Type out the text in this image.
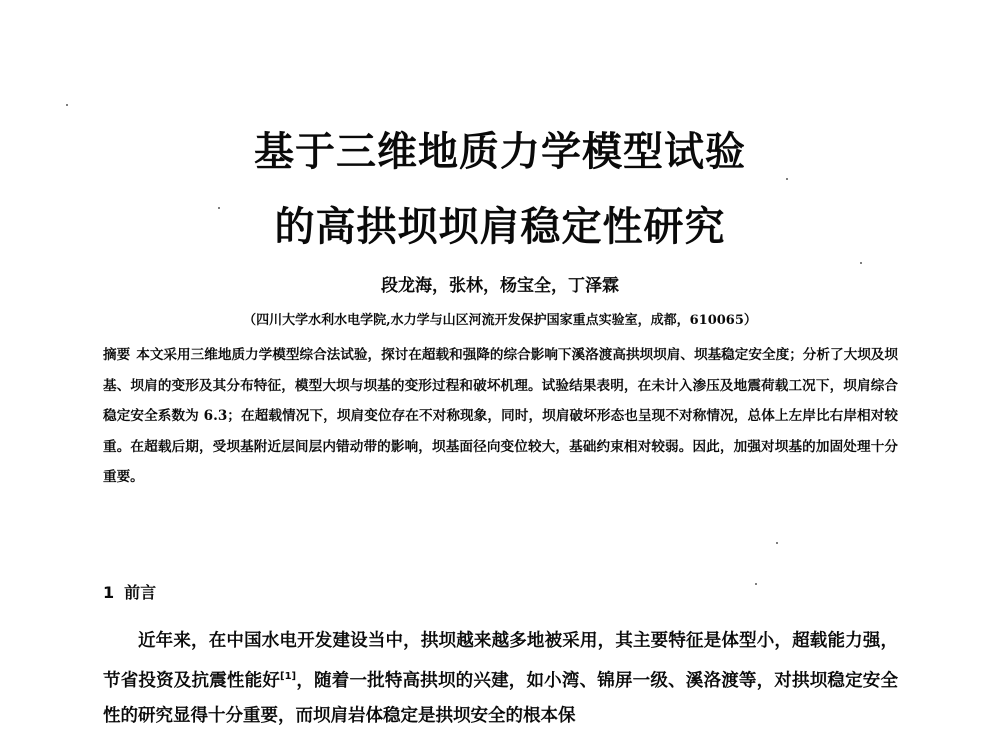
基于三维地质力学模型试验
的高拱坝坝肩稳定性研究

段龙海，张林，杨宝全，丁泽霖

（四川大学水利水电学院,水力学与山区河流开发保护国家重点实验室，成都，610065）

摘要 本文采用三维地质力学模型综合法试验，探讨在超载和强降的综合影响下溪洛渡高拱坝坝肩、坝基稳定安全度；分析了大坝及坝基、坝肩的变形及其分布特征，模型大坝与坝基的变形过程和破坏机理。试验结果表明，在未计入渗压及地震荷载工况下，坝肩综合稳定安全系数为 6.3；在超载情况下，坝肩变位存在不对称现象，同时，坝肩破坏形态也呈现不对称情况，总体上左岸比右岸相对较重。在超载后期，受坝基附近层间层内错动带的影响，坝基面径向变位较大，基础约束相对较弱。因此，加强对坝基的加固处理十分重要。

1 前言

近年来，在中国水电开发建设当中，拱坝越来越多地被采用，其主要特征是体型小，超载能力强，节省投资及抗震性能好[1]，随着一批特高拱坝的兴建，如小湾、锦屏一级、溪洛渡等，对拱坝稳定安全性的研究显得十分重要，而坝肩岩体稳定是拱坝安全的根本保
